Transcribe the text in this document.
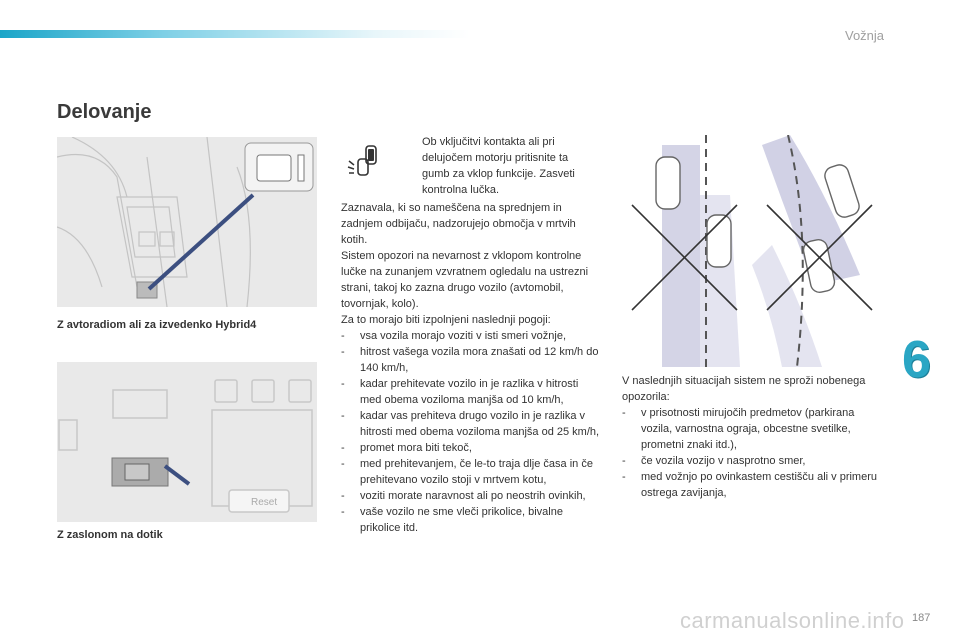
Vožnja
Delovanje
Z avtoradiom ali za izvedenko Hybrid4
Reset
Z zaslonom na dotik
Ob vključitvi kontakta ali pri delujočem motorju pritisnite ta gumb za vklop funkcije. Zasveti kontrolna lučka.
Zaznavala, ki so nameščena na sprednjem in zadnjem odbijaču, nadzorujejo območja v mrtvih kotih.
Sistem opozori na nevarnost z vklopom kontrolne lučke na zunanjem vzvratnem ogledalu na ustrezni strani, takoj ko zazna drugo vozilo (avtomobil, tovornjak, kolo).
Za to morajo biti izpolnjeni naslednji pogoji:
- vsa vozila morajo voziti v isti smeri vožnje,
- hitrost vašega vozila mora znašati od 12 km/h do 140 km/h,
- kadar prehitevate vozilo in je razlika v hitrosti med obema voziloma manjša od 10 km/h,
- kadar vas prehiteva drugo vozilo in je razlika v hitrosti med obema voziloma manjša od 25 km/h,
- promet mora biti tekoč,
- med prehitevanjem, če le-to traja dlje časa in če prehitevano vozilo stoji v mrtvem kotu,
- voziti morate naravnost ali po neostrih ovinkih,
- vaše vozilo ne sme vleči prikolice, bivalne prikolice itd.
V naslednjih situacijah sistem ne sproži nobenega opozorila:
- v prisotnosti mirujočih predmetov (parkirana vozila, varnostna ograja, obcestne svetilke, prometni znaki itd.),
- če vozila vozijo v nasprotno smer,
- med vožnjo po ovinkastem cestišču ali v primeru ostrega zavijanja,
6
carmanualsonline.info 187
